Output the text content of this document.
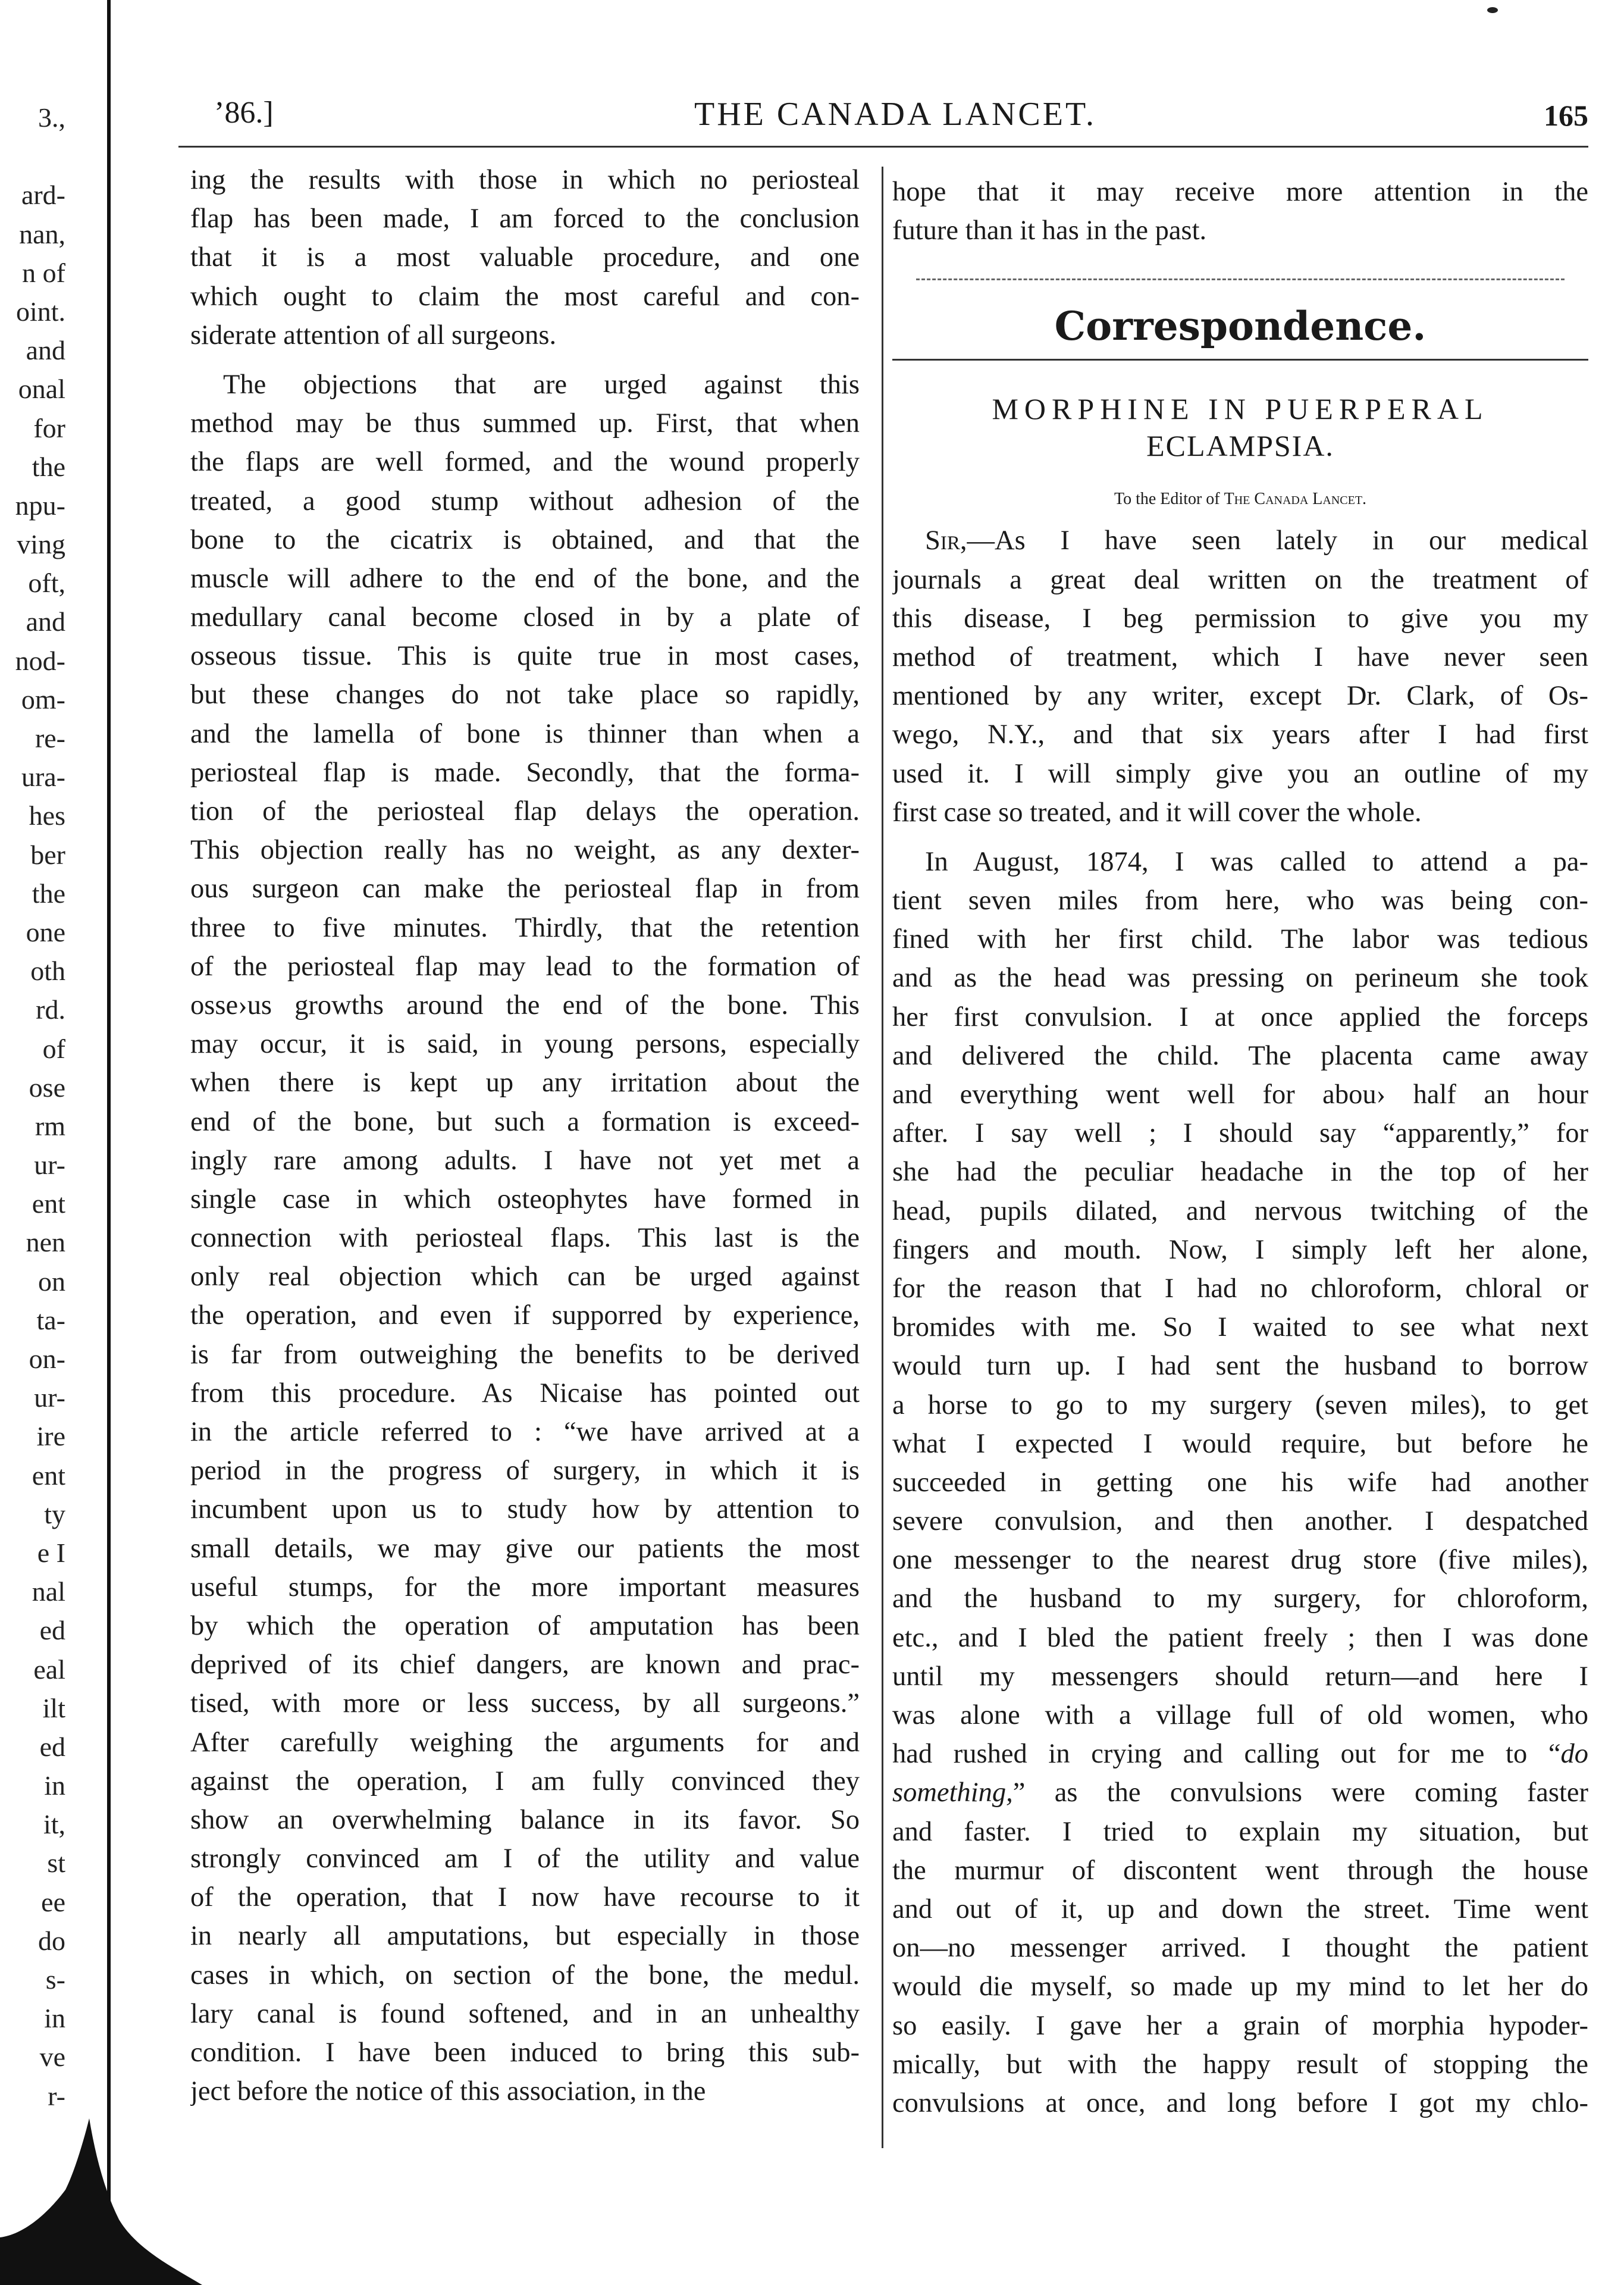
3.,
ard-
nan,
n of
oint.
and
onal
for
the
npu-
ving
oft,
and
nod-
om-
re-
ura-
hes
ber
the
one
oth
rd.
of
ose
rm
ur-
ent
nen
on
ta-
on-
ur-
ire
ent
ty
e I
nal
ed
eal
ilt
ed
in
it,
st
ee
do
s-
in
ve
r-
’86.]	THE CANADA LANCET.	165
ing the results with those in which no periosteal
flap has been made, I am forced to the conclusion
that it is a most valuable procedure, and one
which ought to claim the most careful and con-
siderate attention of all surgeons.
The objections that are urged against this
method may be thus summed up. First, that when
the flaps are well formed, and the wound properly
treated, a good stump without adhesion of the
bone to the cicatrix is obtained, and that the
muscle will adhere to the end of the bone, and the
medullary canal become closed in by a plate of
osseous tissue. This is quite true in most cases,
but these changes do not take place so rapidly,
and the lamella of bone is thinner than when a
periosteal flap is made. Secondly, that the forma-
tion of the periosteal flap delays the operation.
This objection really has no weight, as any dexter-
ous surgeon can make the periosteal flap in from
three to five minutes. Thirdly, that the retention
of the periosteal flap may lead to the formation of
osse›us growths around the end of the bone. This
may occur, it is said, in young persons, especially
when there is kept up any irritation about the
end of the bone, but such a formation is exceed-
ingly rare among adults. I have not yet met a
single case in which osteophytes have formed in
connection with periosteal flaps. This last is the
only real objection which can be urged against
the operation, and even if supporred by experience,
is far from outweighing the benefits to be derived
from this procedure. As Nicaise has pointed out
in the article referred to : “we have arrived at a
period in the progress of surgery, in which it is
incumbent upon us to study how by attention to
small details, we may give our patients the most
useful stumps, for the more important measures
by which the operation of amputation has been
deprived of its chief dangers, are known and prac-
tised, with more or less success, by all surgeons.”
After carefully weighing the arguments for and
against the operation, I am fully convinced they
show an overwhelming balance in its favor. So
strongly convinced am I of the utility and value
of the operation, that I now have recourse to it
in nearly all amputations, but especially in those
cases in which, on section of the bone, the medul.
lary canal is found softened, and in an unhealthy
condition. I have been induced to bring this sub-
ject before the notice of this association, in the
hope that it may receive more attention in the
future than it has in the past.
Correspondence.
MORPHINE IN PUERPERAL
ECLAMPSIA.
To the Editor of The Canada Lancet.
Sir,—As I have seen lately in our medical
journals a great deal written on the treatment of
this disease, I beg permission to give you my
method of treatment, which I have never seen
mentioned by any writer, except Dr. Clark, of Os-
wego, N.Y., and that six years after I had first
used it. I will simply give you an outline of my
first case so treated, and it will cover the whole.
In August, 1874, I was called to attend a pa-
tient seven miles from here, who was being con-
fined with her first child. The labor was tedious
and as the head was pressing on perineum she took
her first convulsion. I at once applied the forceps
and delivered the child. The placenta came away
and everything went well for abou› half an hour
after. I say well ; I should say “apparently,” for
she had the peculiar headache in the top of her
head, pupils dilated, and nervous twitching of the
fingers and mouth. Now, I simply left her alone,
for the reason that I had no chloroform, chloral or
bromides with me. So I waited to see what next
would turn up. I had sent the husband to borrow
a horse to go to my surgery (seven miles), to get
what I expected I would require, but before he
succeeded in getting one his wife had another
severe convulsion, and then another. I despatched
one messenger to the nearest drug store (five miles),
and the husband to my surgery, for chloroform,
etc., and I bled the patient freely ; then I was done
until my messengers should return—and here I
was alone with a village full of old women, who
had rushed in crying and calling out for me to “do
something,” as the convulsions were coming faster
and faster. I tried to explain my situation, but
the murmur of discontent went through the house
and out of it, up and down the street. Time went
on—no messenger arrived. I thought the patient
would die myself, so made up my mind to let her do
so easily. I gave her a grain of morphia hypoder-
mically, but with the happy result of stopping the
convulsions at once, and long before I got my chlo-
